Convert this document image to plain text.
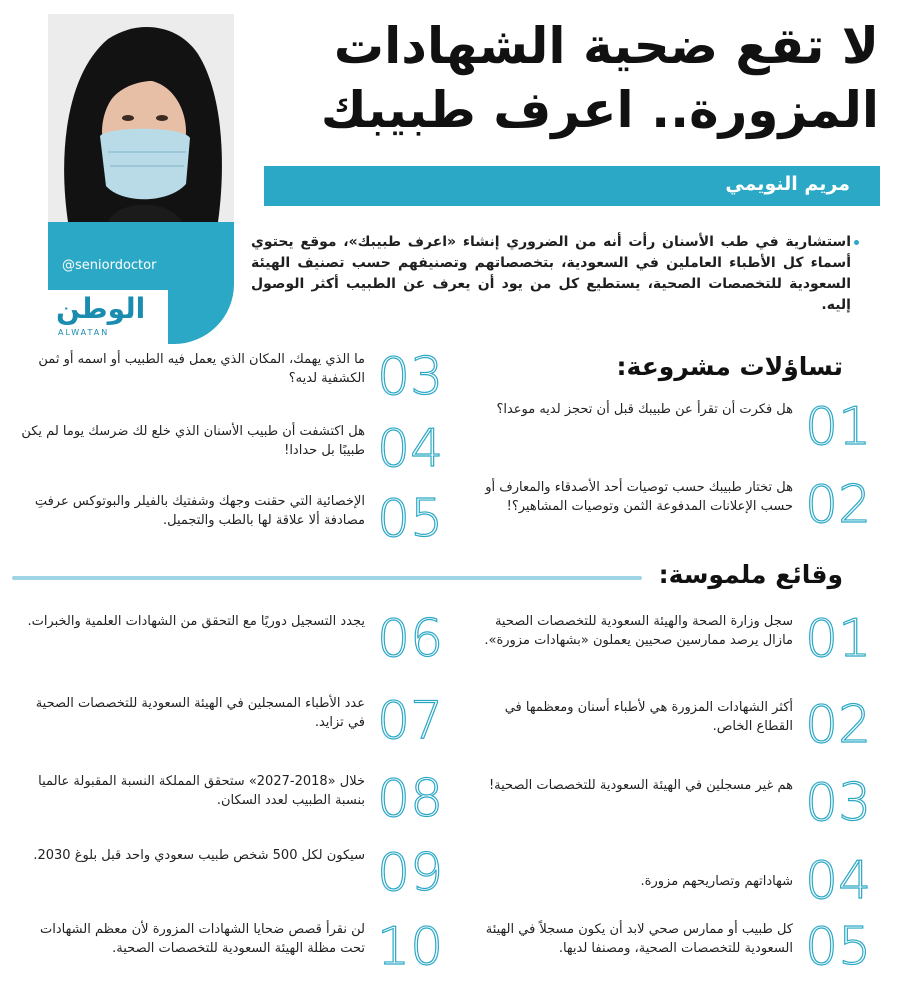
لا تقع ضحية الشهادات
المزورة.. اعرف طبيبك
@seniordoctor
الوطن
ALWATAN
مريم النويمي
استشارية في طب الأسنان رأت أنه من الضروري إنشاء «اعرف طبيبك»، موقع يحتوي أسماء كل الأطباء العاملين في السعودية، بتخصصاتهم وتصنيفهم حسب تصنيف الهيئة السعودية للتخصصات الصحية، يستطيع كل من يود أن يعرف عن الطبيب أكثر الوصول إليه.
تساؤلات مشروعة:
01
هل فكرت أن تقرأ عن طبيبك قبل أن تحجز لديه موعدا؟
02
هل تختار طبيبك حسب توصيات أحد الأصدقاء والمعارف أو حسب الإعلانات المدفوعة الثمن وتوصيات المشاهير؟!
03
ما الذي يهمك، المكان الذي يعمل فيه الطبيب أو اسمه أو ثمن الكشفية لديه؟
04
هل اكتشفت أن طبيب الأسنان الذي خلع لك ضرسك يوما لم يكن طبيبًا بل حدادا!
05
الإخصائية التي حقنت وجهك وشفتيك بالفيلر والبوتوكس عرفتِ مصادفة ألا علاقة لها بالطب والتجميل.
وقائع ملموسة:
01
سجل وزارة الصحة والهيئة السعودية للتخصصات الصحية مازال يرصد ممارسين صحيين يعملون «بشهادات مزورة».
02
أكثر الشهادات المزورة هي لأطباء أسنان ومعظمها في القطاع الخاص.
03
هم غير مسجلين في الهيئة السعودية للتخصصات الصحية!
04
شهاداتهم وتصاريحهم مزورة.
05
كل طبيب أو ممارس صحي لابد أن يكون مسجلاً في الهيئة السعودية للتخصصات الصحية، ومصنفا لديها.
06
يجدد التسجيل دوريًا مع التحقق من الشهادات العلمية والخبرات.
07
عدد الأطباء المسجلين في الهيئة السعودية للتخصصات الصحية في تزايد.
08
خلال «2018-2027» ستحقق المملكة النسبة المقبولة عالميا بنسبة الطبيب لعدد السكان.
09
سيكون لكل 500 شخص طبيب سعودي واحد قبل بلوغ 2030.
10
لن نقرأ قصص ضحايا الشهادات المزورة لأن معظم الشهادات تحت مظلة الهيئة السعودية للتخصصات الصحية.
